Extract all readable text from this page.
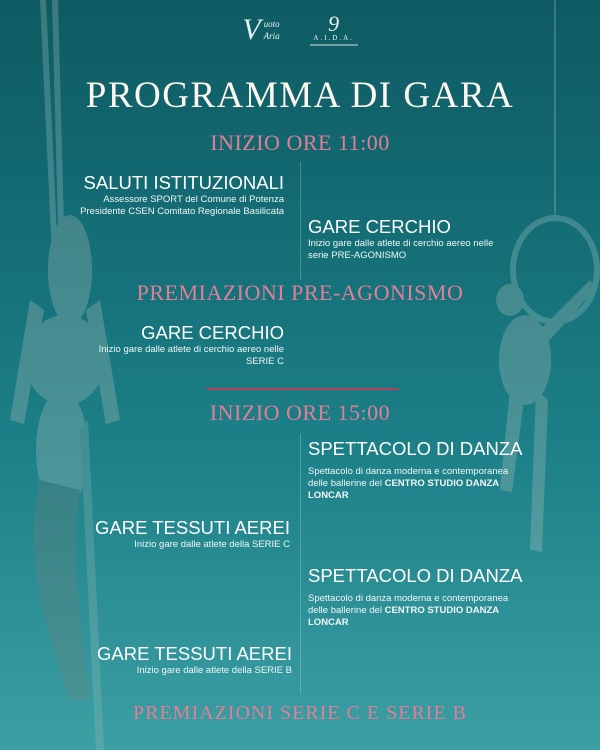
V uoto
Aria 9
A.I.D.A.
PROGRAMMA DI GARA
INIZIO ORE 11:00
SALUTI ISTITUZIONALI
Assessore SPORT del Comune di Potenza
Presidente CSEN Comitato Regionale Basilicata
GARE CERCHIO
Inizio gare dalle atlete di cerchio aereo nelle
serie PRE-AGONISMO
PREMIAZIONI PRE-AGONISMO
GARE CERCHIO
Inizio gare dalle atlete di cerchio aereo nelle
SERIE C
INIZIO ORE 15:00
SPETTACOLO DI DANZA
Spettacolo di danza moderna e contemporanea
delle ballerine del CENTRO STUDIO DANZA
LONCAR
GARE TESSUTI AEREI
Inizio gare dalle atlete della SERIE C
SPETTACOLO DI DANZA
Spettacolo di danza moderna e contemporanea
delle ballerine del CENTRO STUDIO DANZA
LONCAR
GARE TESSUTI AEREI
Inizio gare dalle atlete della SERIE B
PREMIAZIONI SERIE C E SERIE B
